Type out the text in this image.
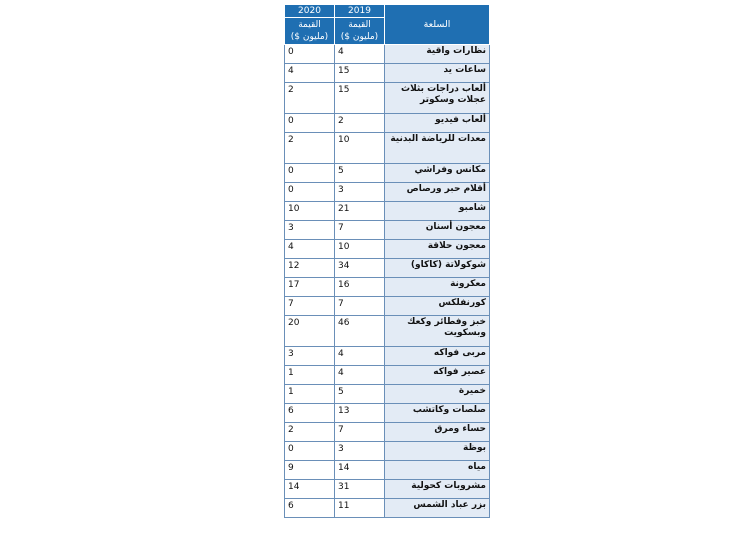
2020	2019	السلعة
القيمة (مليون $)	القيمة (مليون $)	
0	4	نظارات واقية
4	15	ساعات يد
2	15	ألعاب دراجات بثلاث عجلات وسكوتر
0	2	ألعاب فيديو
2	10	معدات للرياضة البدنية
0	5	مكانس وفراشي
0	3	أقلام حبر ورصاص
10	21	شامبو
3	7	معجون أسنان
4	10	معجون حلاقة
12	34	شوكولاتة (كاكاو)
17	16	معكرونة
7	7	كورنفلكس
20	46	خبز وفطائر وكعك وبسكويت
3	4	مربى فواكه
1	4	عصير فواكه
1	5	خميرة
6	13	صلصات وكاتشب
2	7	حساء ومرق
0	3	بوظة
9	14	مياه
14	31	مشروبات كحولية
6	11	بزر عباد الشمس
